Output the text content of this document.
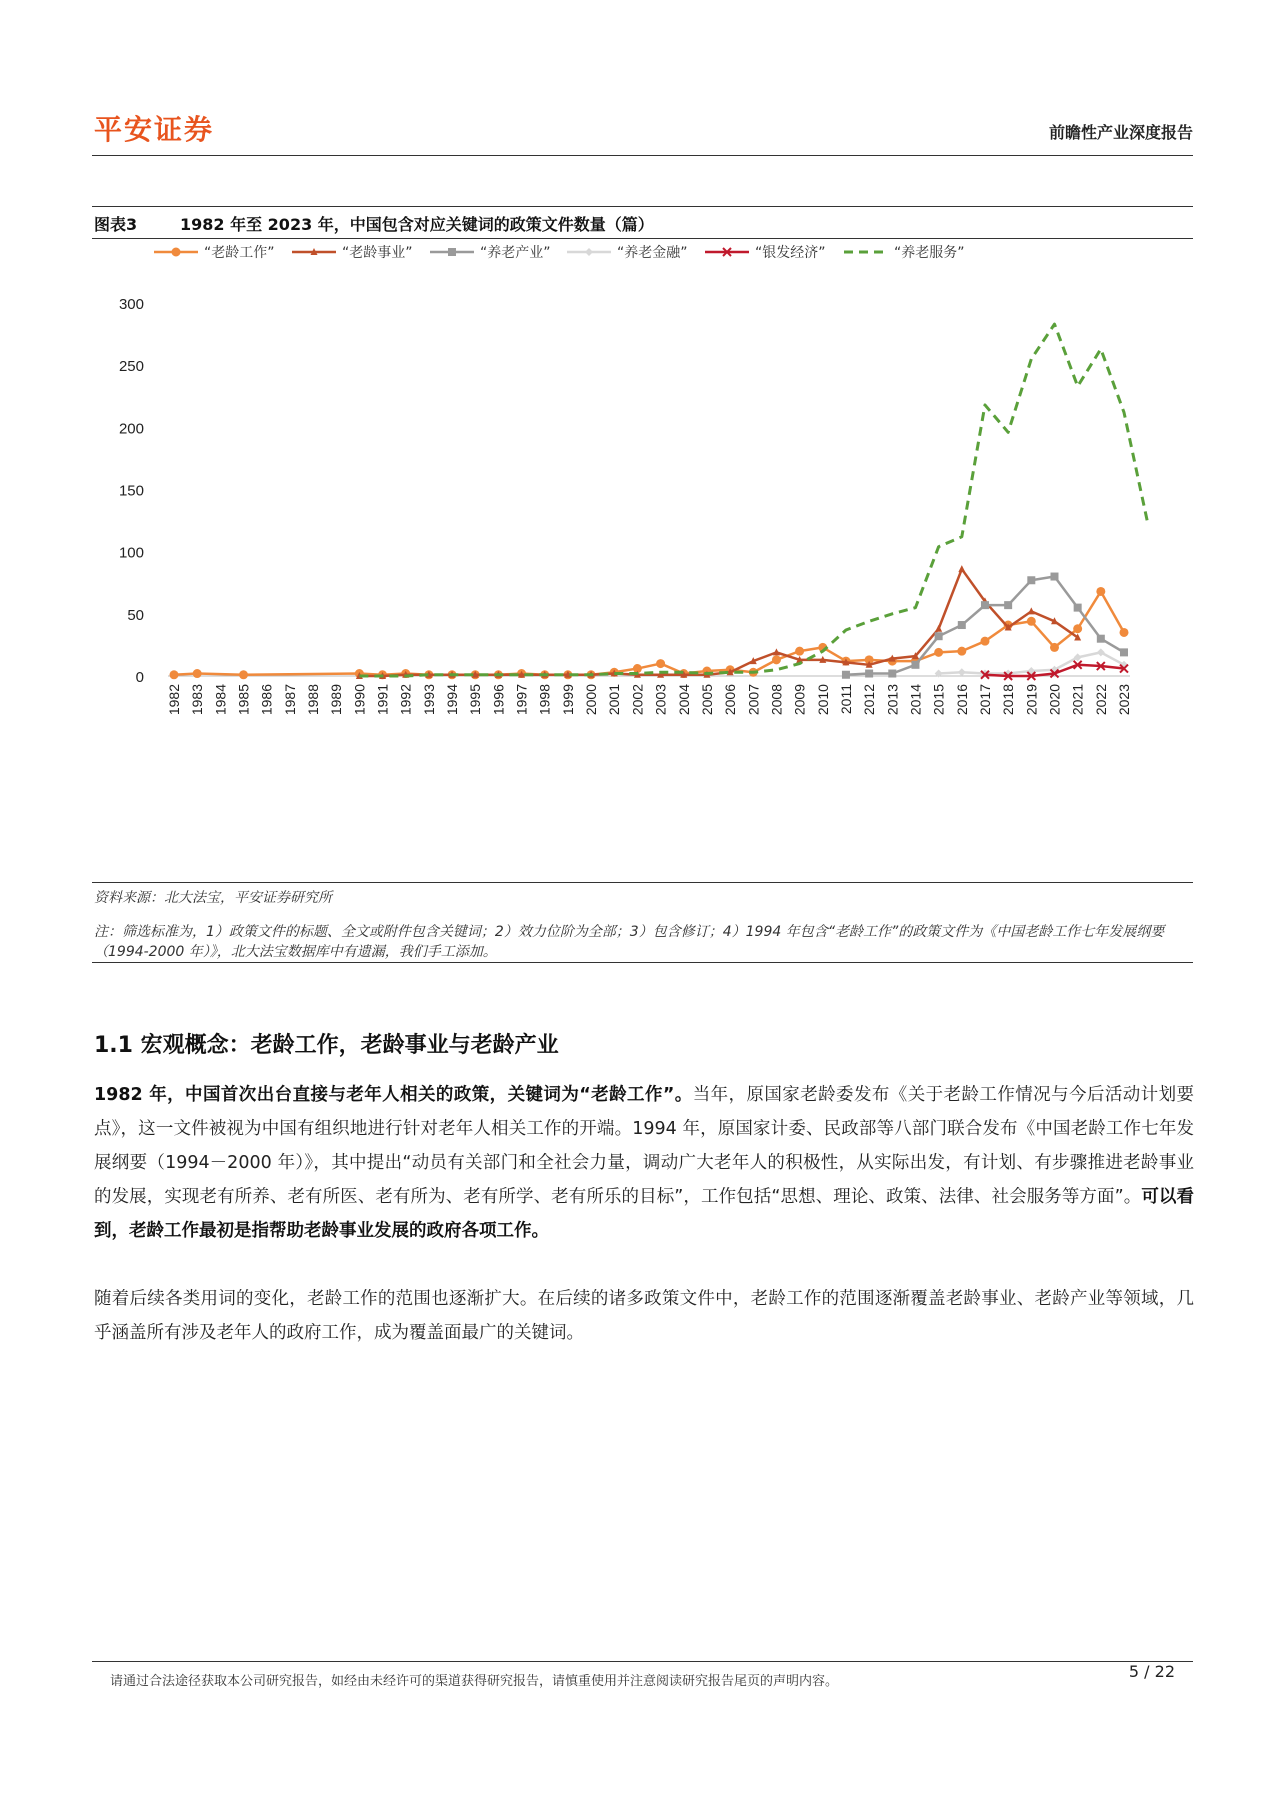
平安证券	前瞻性产业深度报告
图表3	1982 年至 2023 年，中国包含对应关键词的政策文件数量（篇）
“老龄工作”	“老龄事业”	“养老产业”	“养老金融”	“银发经济”	“养老服务”
0
50
100
150
200
250
300
1982 1983 1984 1985 1986 1987 1988 1989 1990 1991 1992 1993 1994 1995 1996 1997 1998 1999 2000 2001 2002 2003 2004 2005 2006 2007 2008 2009 2010 2011 2012 2013 2014 2015 2016 2017 2018 2019 2020 2021 2022 2023
资料来源：北大法宝，平安证券研究所
注：筛选标准为，1）政策文件的标题、全文或附件包含关键词；2）效力位阶为全部；3）包含修订；4）1994 年包含“老龄工作”的政策文件为《中国老龄工作七年发展纲要（1994-2000 年）》，北大法宝数据库中有遗漏，我们手工添加。
1.1 宏观概念：老龄工作，老龄事业与老龄产业
1982 年，中国首次出台直接与老年人相关的政策，关键词为“老龄工作”。当年，原国家老龄委发布《关于老龄工作情况与今后活动计划要点》，这一文件被视为中国有组织地进行针对老年人相关工作的开端。1994 年，原国家计委、民政部等八部门联合发布《中国老龄工作七年发展纲要（1994－2000 年）》，其中提出“动员有关部门和全社会力量，调动广大老年人的积极性，从实际出发，有计划、有步骤推进老龄事业的发展，实现老有所养、老有所医、老有所为、老有所学、老有所乐的目标”，工作包括“思想、理论、政策、法律、社会服务等方面”。可以看到，老龄工作最初是指帮助老龄事业发展的政府各项工作。
随着后续各类用词的变化，老龄工作的范围也逐渐扩大。在后续的诸多政策文件中，老龄工作的范围逐渐覆盖老龄事业、老龄产业等领域，几乎涵盖所有涉及老年人的政府工作，成为覆盖面最广的关键词。
请通过合法途径获取本公司研究报告，如经由未经许可的渠道获得研究报告，请慎重使用并注意阅读研究报告尾页的声明内容。
5 / 22
